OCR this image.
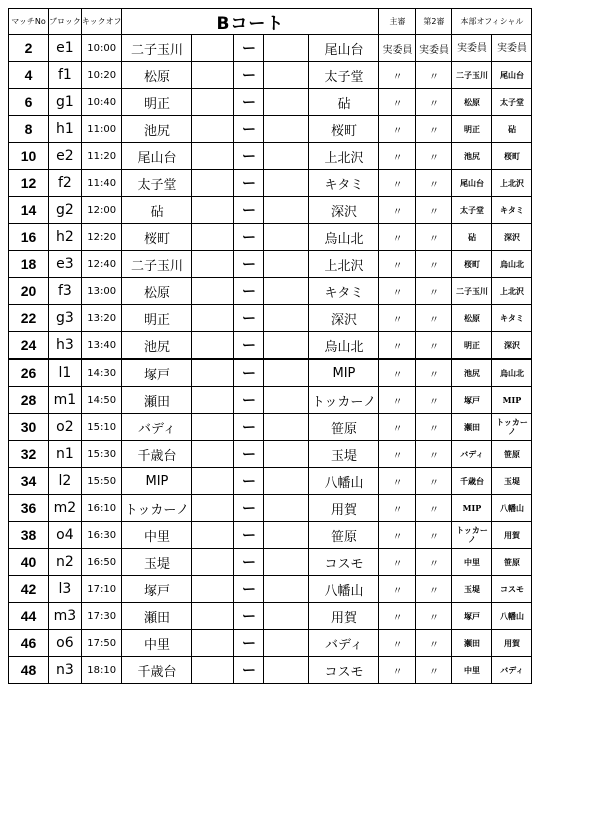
マッチNo	ブロック	キックオフ	Bコート					主審	第2審	本部オフィシャル	
2	e1	10:00	二子玉川		ー		尾山台	実委員	実委員	実委員	実委員
4	f1	10:20	松原		ー		太子堂	〃	〃	二子玉川	尾山台
6	g1	10:40	明正		ー		砧	〃	〃	松原	太子堂
8	h1	11:00	池尻		ー		桜町	〃	〃	明正	砧
10	e2	11:20	尾山台		ー		上北沢	〃	〃	池尻	桜町
12	f2	11:40	太子堂		ー		キタミ	〃	〃	尾山台	上北沢
14	g2	12:00	砧		ー		深沢	〃	〃	太子堂	キタミ
16	h2	12:20	桜町		ー		烏山北	〃	〃	砧	深沢
18	e3	12:40	二子玉川		ー		上北沢	〃	〃	桜町	烏山北
20	f3	13:00	松原		ー		キタミ	〃	〃	二子玉川	上北沢
22	g3	13:20	明正		ー		深沢	〃	〃	松原	キタミ
24	h3	13:40	池尻		ー		烏山北	〃	〃	明正	深沢
26	l1	14:30	塚戸		ー		MIP	〃	〃	池尻	烏山北
28	m1	14:50	瀬田		ー		トッカーノ	〃	〃	塚戸	MIP
30	o2	15:10	バディ		ー		笹原	〃	〃	瀬田	トッカーノ
32	n1	15:30	千歳台		ー		玉堤	〃	〃	バディ	笹原
34	l2	15:50	MIP		ー		八幡山	〃	〃	千歳台	玉堤
36	m2	16:10	トッカーノ		ー		用賀	〃	〃	MIP	八幡山
38	o4	16:30	中里		ー		笹原	〃	〃	トッカーノ	用賀
40	n2	16:50	玉堤		ー		コスモ	〃	〃	中里	笹原
42	l3	17:10	塚戸		ー		八幡山	〃	〃	玉堤	コスモ
44	m3	17:30	瀬田		ー		用賀	〃	〃	塚戸	八幡山
46	o6	17:50	中里		ー		バディ	〃	〃	瀬田	用賀
48	n3	18:10	千歳台		ー		コスモ	〃	〃	中里	バディ
